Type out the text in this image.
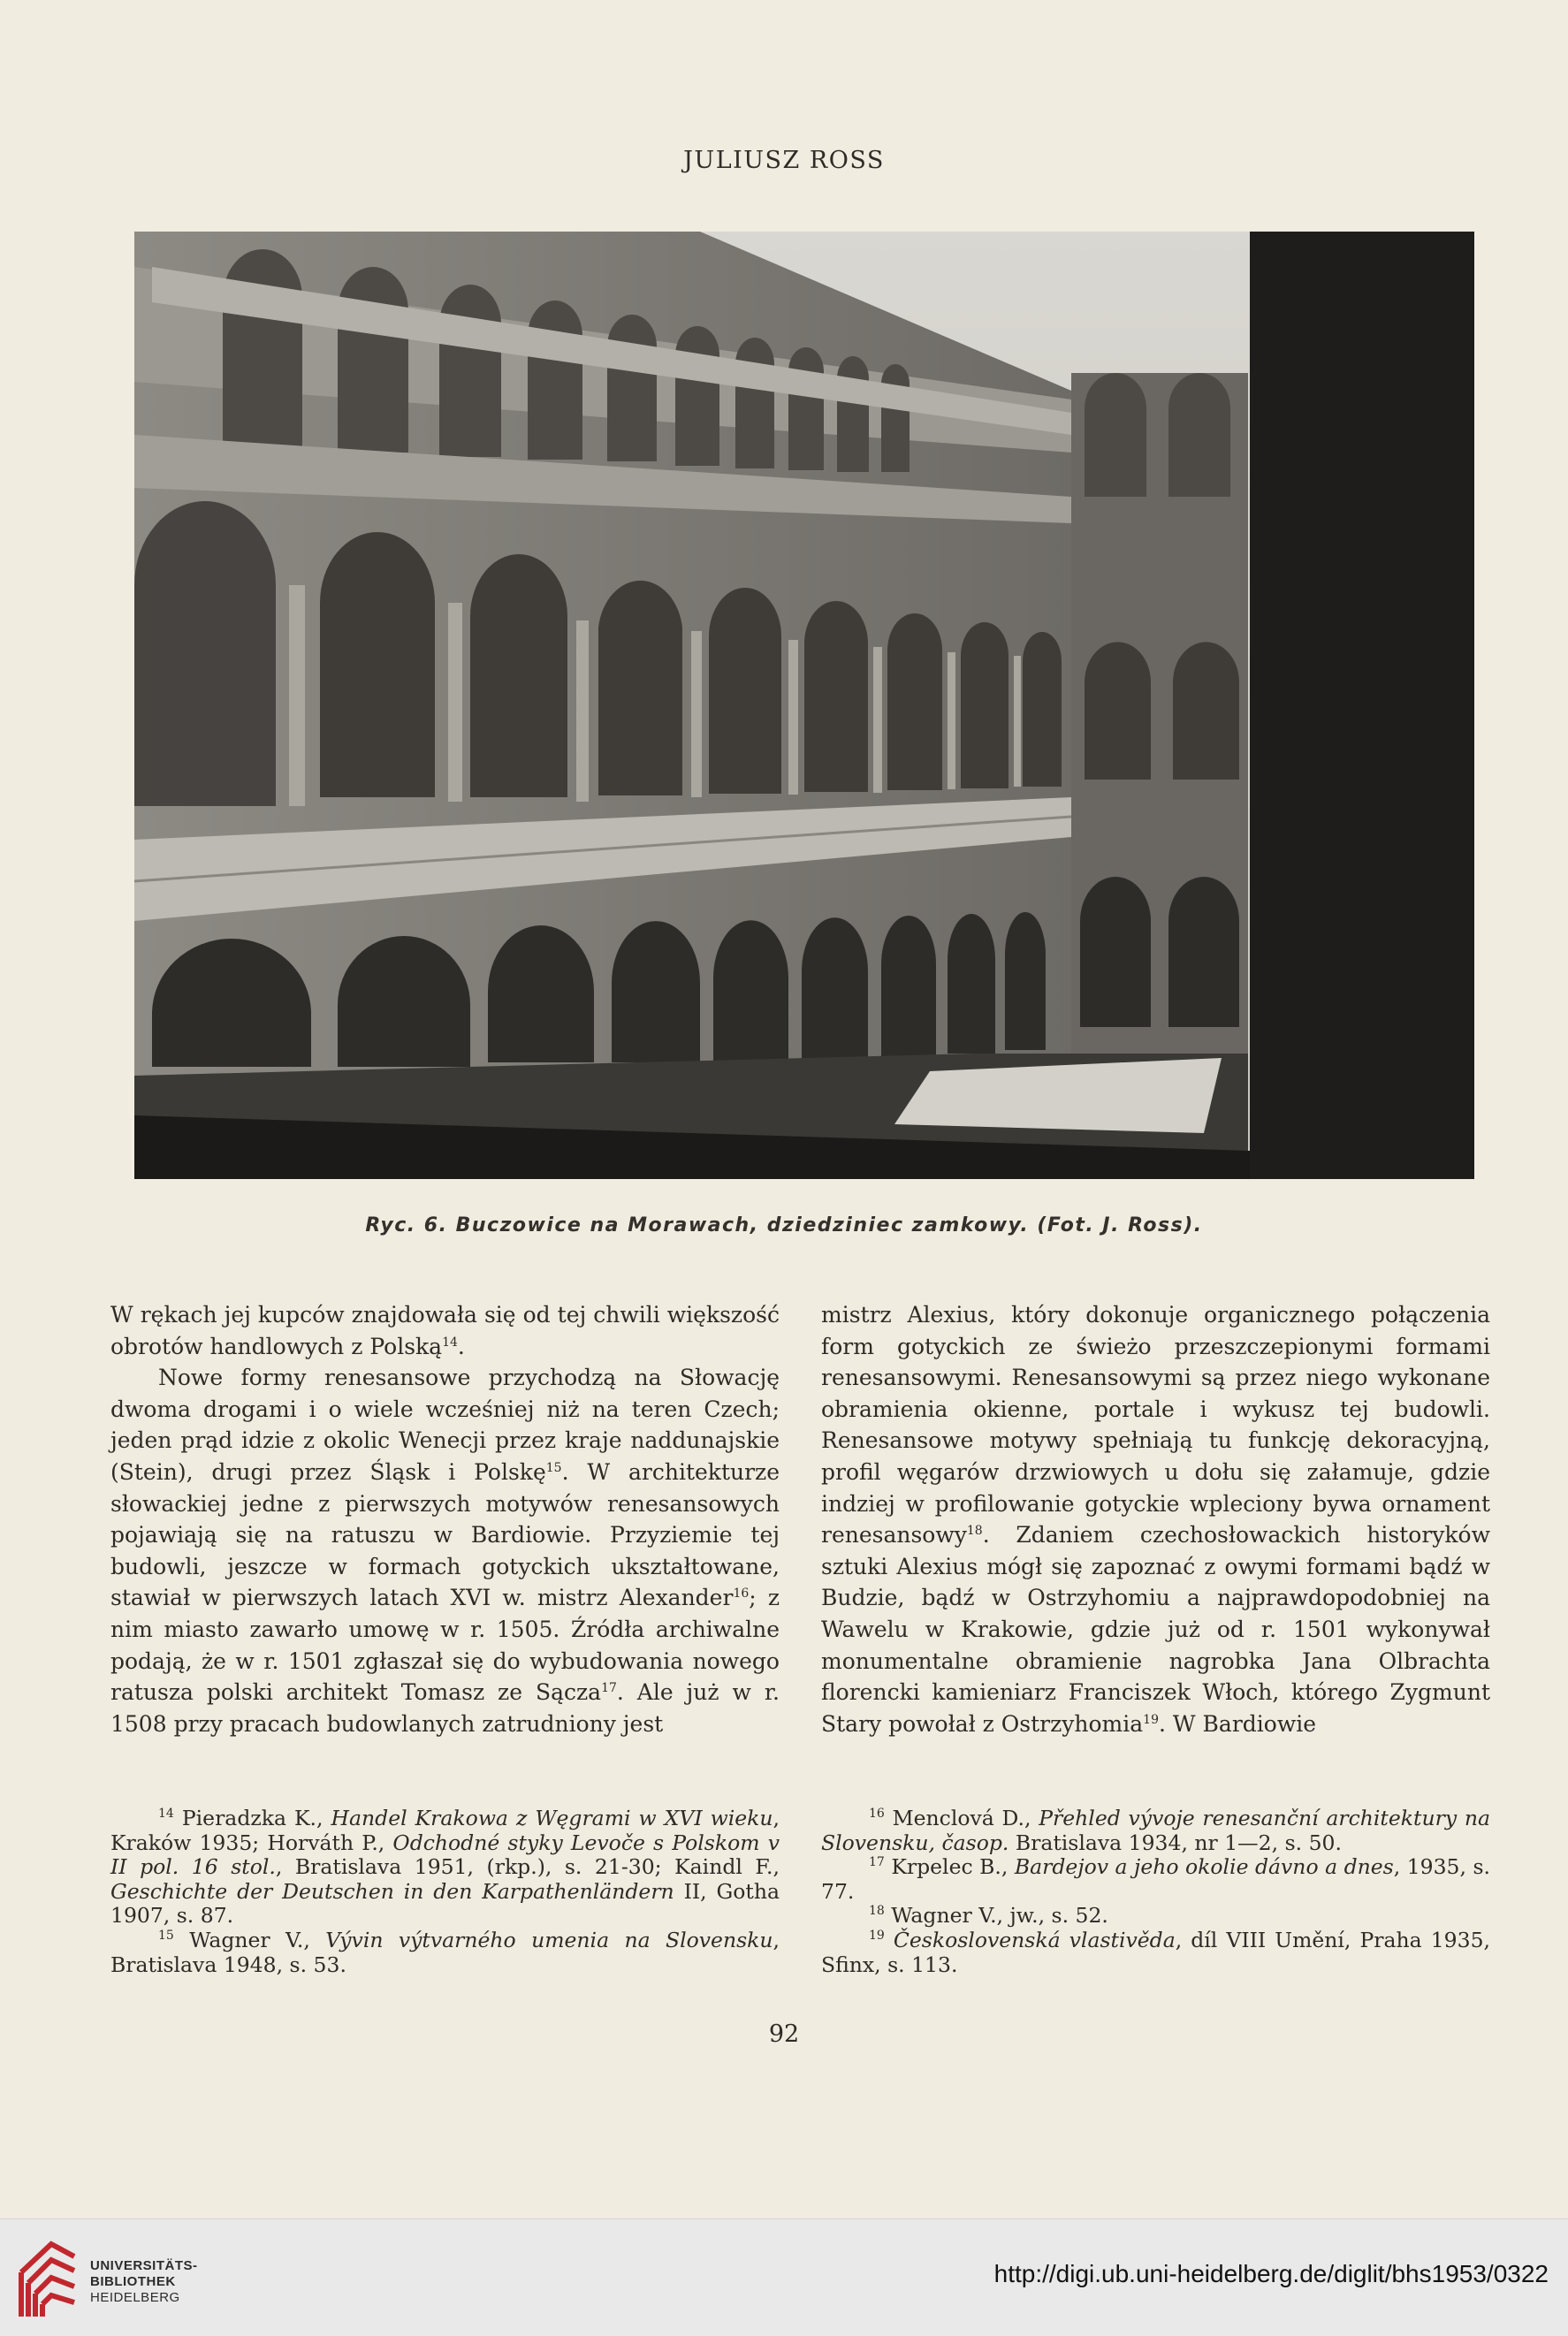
JULIUSZ ROSS
Ryc. 6. Buczowice na Morawach, dziedziniec zamkowy. (Fot. J. Ross).

W rękach jej kupców znajdowała się od tej chwili większość obrotów handlowych z Polską$^{14}$.

Nowe formy renesansowe przychodzą na Słowację dwoma drogami i o wiele wcześniej niż na teren Czech; jeden prąd idzie z okolic Wenecji przez kraje naddunajskie (Stein), drugi przez Śląsk i Polskę$^{15}$. W architekturze słowackiej jedne z pierwszych motywów renesansowych pojawiają się na ratuszu w Bardiowie. Przyziemie tej budowli, jeszcze w formach gotyckich ukształtowane, stawiał w pierwszych latach XVI w. mistrz Alexander$^{16}$; z nim miasto zawarło umowę w r. 1505. Źródła archiwalne podają, że w r. 1501 zgłaszał się do wybudowania nowego ratusza polski architekt Tomasz ze Sącza$^{17}$. Ale już w r. 1508 przy pracach budowlanych zatrudniony jest

mistrz Alexius, który dokonuje organicznego połączenia form gotyckich ze świeżo przeszczepionymi formami renesansowymi. Renesansowymi są przez niego wykonane obramienia okienne, portale i wykusz tej budowli. Renesansowe motywy spełniają tu funkcję dekoracyjną, profil węgarów drzwiowych u dołu się załamuje, gdzie indziej w profilowanie gotyckie wpleciony bywa ornament renesansowy$^{18}$. Zdaniem czechosłowackich historyków sztuki Alexius mógł się zapoznać z owymi formami bądź w Budzie, bądź w Ostrzyhomiu a najprawdopodobniej na Wawelu w Krakowie, gdzie już od r. 1501 wykonywał monumentalne obramienie nagrobka Jana Olbrachta florencki kamieniarz Franciszek Włoch, którego Zygmunt Stary powołał z Ostrzyhomia$^{19}$. W Bardiowie

$^{14}$ Pieradzka K., Handel Krakowa z Węgrami w XVI wieku, Kraków 1935; Horváth P., Odchodné styky Levoče s Polskom v II pol. 16 stol., Bratislava 1951, (rkp.), s. 21-30; Kaindl F., Geschichte der Deutschen in den Karpathenländern II, Gotha 1907, s. 87.

$^{15}$ Wagner V., Vývin výtvarného umenia na Slovensku, Bratislava 1948, s. 53.

$^{16}$ Menclová D., Přehled vývoje renesanční architektury na Slovensku, časop. Bratislava 1934, nr 1—2, s. 50.

$^{17}$ Krpelec B., Bardejov a jeho okolie dávno a dnes, 1935, s. 77.

$^{18}$ Wagner V., jw., s. 52.

$^{19}$ Československá vlastivěda, díl VIII Umění, Praha 1935, Sfinx, s. 113.

92
UNIVERSITÄTS-
BIBLIOTHEK
HEIDELBERG
http://digi.ub.uni-heidelberg.de/diglit/bhs1953/0322
